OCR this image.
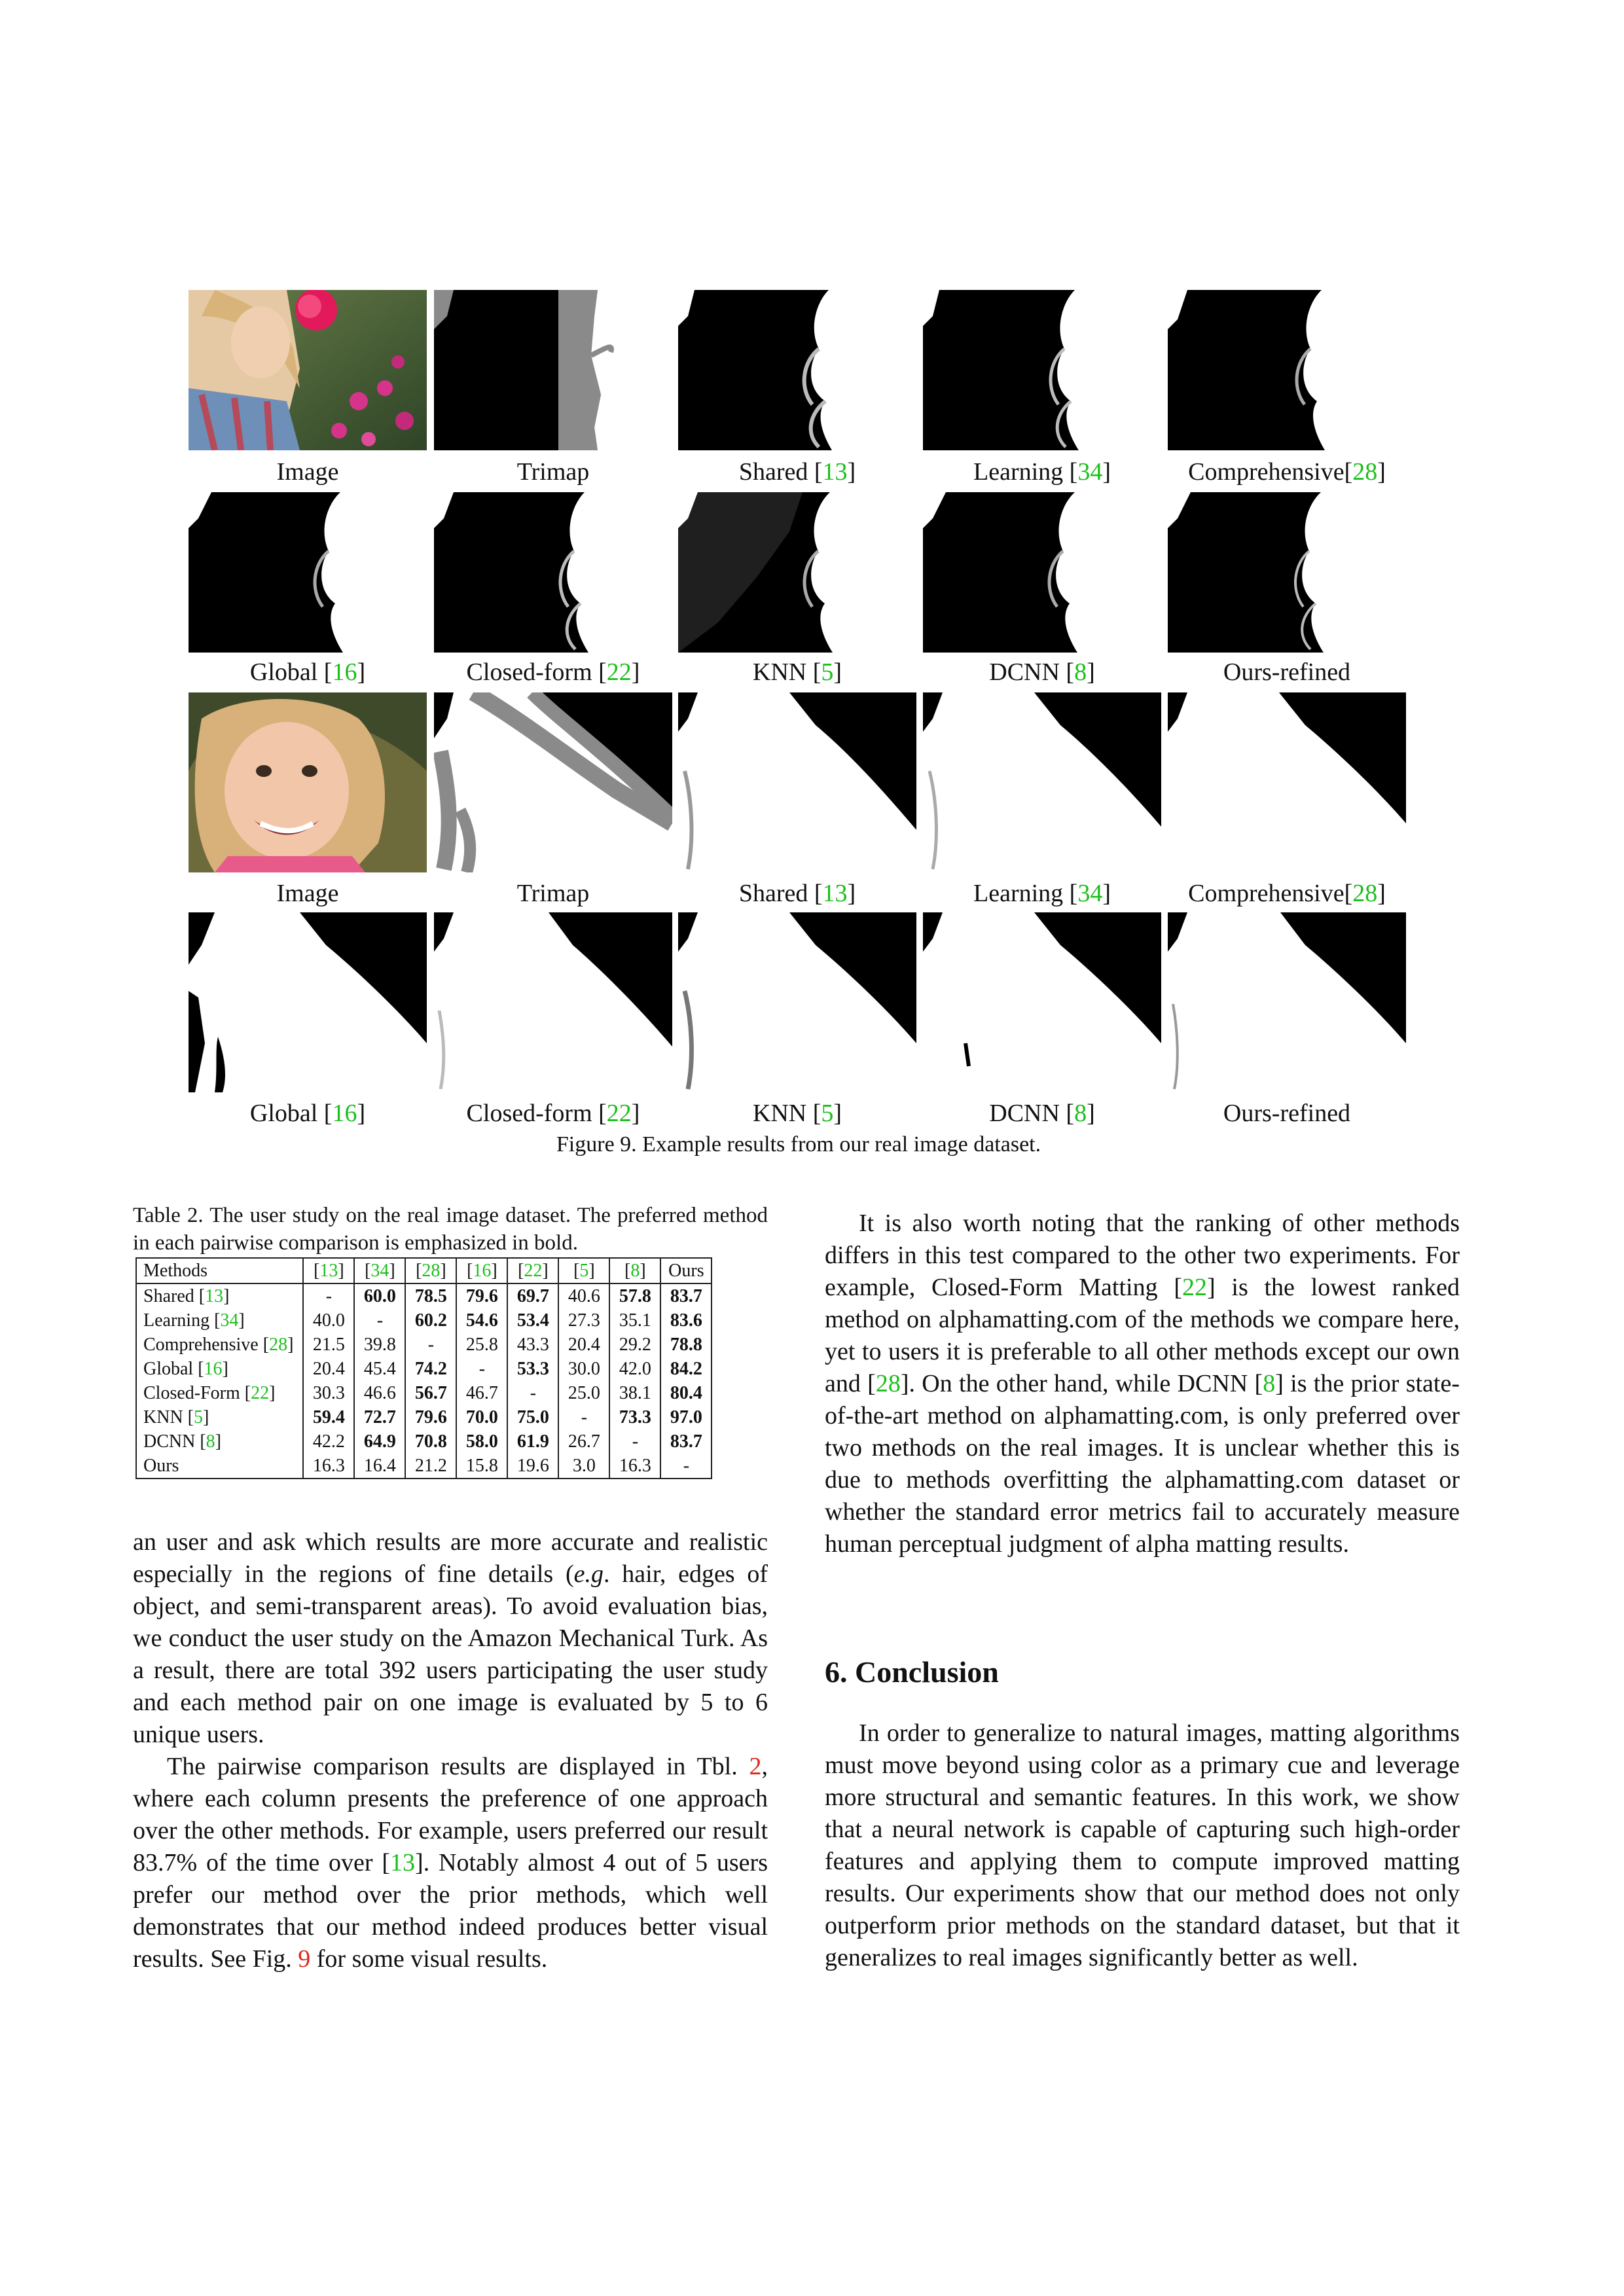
Image	Trimap	Shared [13]	Learning [34]	Comprehensive[28]
Global [16]	Closed-form [22]	KNN [5]	DCNN [8]	Ours-refined
Image	Trimap	Shared [13]	Learning [34]	Comprehensive[28]
Global [16]	Closed-form [22]	KNN [5]	DCNN [8]	Ours-refined
Figure 9. Example results from our real image dataset.
Table 2. The user study on the real image dataset. The preferred method in each pairwise comparison is emphasized in bold.
Methods	[13]	[34]	[28]	[16]	[22]	[5]	[8]	Ours
Shared [13]	-	60.0	78.5	79.6	69.7	40.6	57.8	83.7
Learning [34]	40.0	-	60.2	54.6	53.4	27.3	35.1	83.6
Comprehensive [28]	21.5	39.8	-	25.8	43.3	20.4	29.2	78.8
Global [16]	20.4	45.4	74.2	-	53.3	30.0	42.0	84.2
Closed-Form [22]	30.3	46.6	56.7	46.7	-	25.0	38.1	80.4
KNN [5]	59.4	72.7	79.6	70.0	75.0	-	73.3	97.0
DCNN [8]	42.2	64.9	70.8	58.0	61.9	26.7	-	83.7
Ours	16.3	16.4	21.2	15.8	19.6	3.0	16.3	-

an user and ask which results are more accurate and realistic especially in the regions of fine details (e.g. hair, edges of object, and semi-transparent areas). To avoid evaluation bias, we conduct the user study on the Amazon Mechanical Turk. As a result, there are total 392 users participating the user study and each method pair on one image is evaluated by 5 to 6 unique users.

The pairwise comparison results are displayed in Tbl. 2, where each column presents the preference of one approach over the other methods. For example, users preferred our result 83.7% of the time over [13]. Notably almost 4 out of 5 users prefer our method over the prior methods, which well demonstrates that our method indeed produces better visual results. See Fig. 9 for some visual results.

It is also worth noting that the ranking of other methods differs in this test compared to the other two experiments. For example, Closed-Form Matting [22] is the lowest ranked method on alphamatting.com of the methods we compare here, yet to users it is preferable to all other methods except our own and [28]. On the other hand, while DCNN [8] is the prior state-of-the-art method on alphamatting.com, is only preferred over two methods on the real images. It is unclear whether this is due to methods overfitting the alphamatting.com dataset or whether the standard error metrics fail to accurately measure human perceptual judgment of alpha matting results.

6. Conclusion

In order to generalize to natural images, matting algorithms must move beyond using color as a primary cue and leverage more structural and semantic features. In this work, we show that a neural network is capable of capturing such high-order features and applying them to compute improved matting results. Our experiments show that our method does not only outperform prior methods on the standard dataset, but that it generalizes to real images significantly better as well.
